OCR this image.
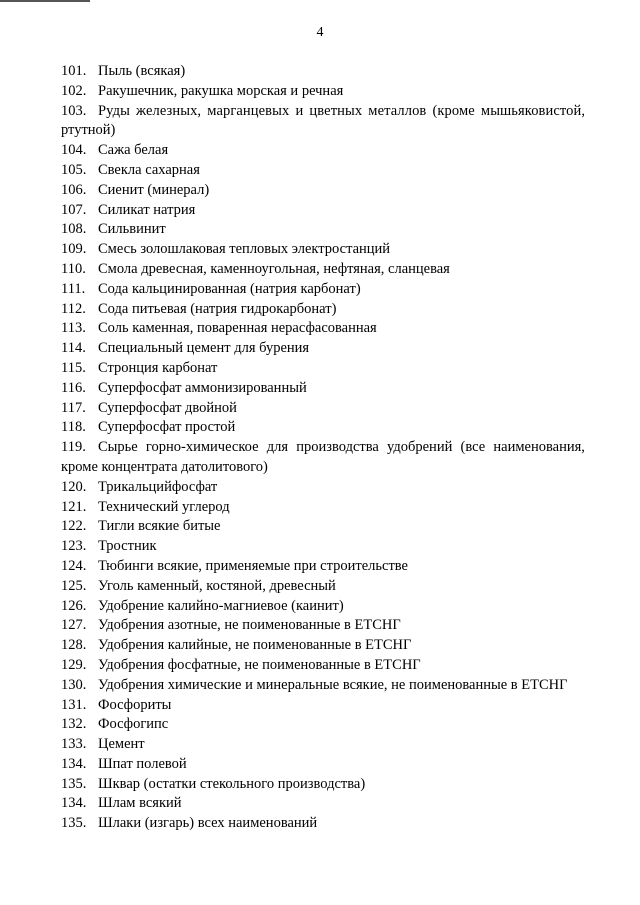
4
101. Пыль (всякая)
102. Ракушечник, ракушка морская и речная
103. Руды железных, марганцевых и цветных металлов (кроме мышьяковистой,
ртутной)
104. Сажа белая
105. Свекла сахарная
106. Сиенит (минерал)
107. Силикат натрия
108. Сильвинит
109. Смесь золошлаковая тепловых электростанций
110. Смола древесная, каменноугольная, нефтяная, сланцевая
111. Сода кальцинированная (натрия карбонат)
112. Сода питьевая (натрия гидрокарбонат)
113. Соль каменная, поваренная нерасфасованная
114. Специальный цемент для бурения
115. Стронция карбонат
116. Суперфосфат аммонизированный
117. Суперфосфат двойной
118. Суперфосфат простой
119. Сырье горно-химическое для производства удобрений (все наименования,
кроме концентрата датолитового)
120. Трикальцийфосфат
121. Технический углерод
122. Тигли всякие битые
123. Тростник
124. Тюбинги всякие, применяемые при строительстве
125. Уголь каменный, костяной, древесный
126. Удобрение калийно-магниевое (каинит)
127. Удобрения азотные, не поименованные в ЕТСНГ
128. Удобрения калийные, не поименованные в ЕТСНГ
129. Удобрения фосфатные, не поименованные в ЕТСНГ
130. Удобрения химические и минеральные всякие, не поименованные в ЕТСНГ
131. Фосфориты
132. Фосфогипс
133. Цемент
134. Шпат полевой
135. Шквар (остатки стекольного производства)
134. Шлам всякий
135. Шлаки (изгарь) всех наименований
